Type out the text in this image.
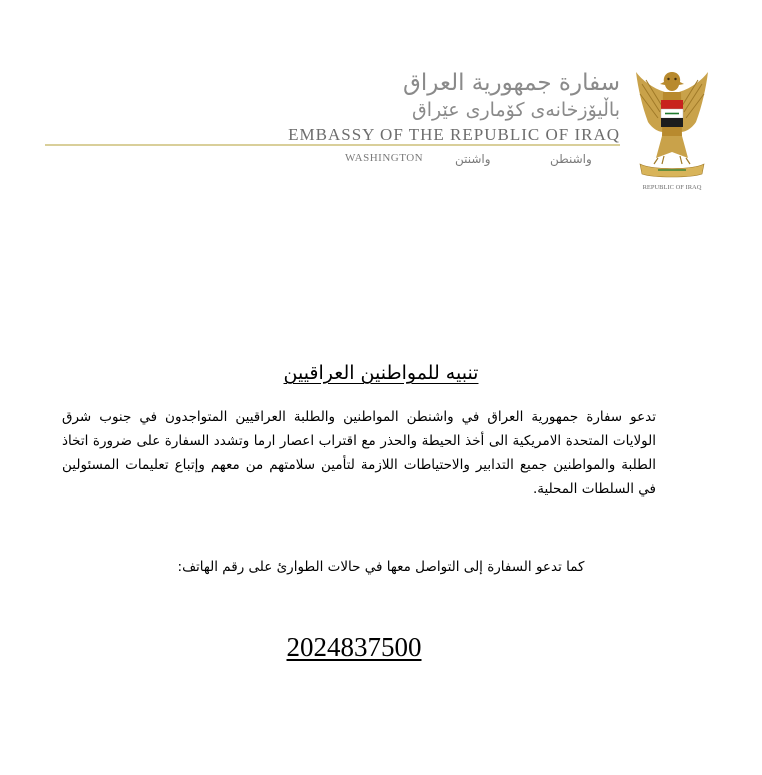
سفارة جمهورية العراق
باڵیۆزخانەی کۆماری عێراق
EMBASSY OF THE REPUBLIC OF IRAQ
WASHINGTON	واشنتن	واشنطن
REPUBLIC OF IRAQ
تنبيه للمواطنين العراقيين
تدعو سفارة جمهورية العراق في واشنطن المواطنين والطلبة العراقيين المتواجدون في جنوب شرق الولايات المتحدة الامريكية الى أخذ الحيطة والحذر مع اقتراب اعصار ارما وتشدد السفارة على ضرورة اتخاذ الطلبة والمواطنين جميع التدابير والاحتياطات اللازمة لتأمين سلامتهم من معهم وإتباع تعليمات المسئولين في السلطات المحلية.
كما تدعو السفارة إلى التواصل معها في حالات الطوارئ على رقم الهاتف:
2024837500
